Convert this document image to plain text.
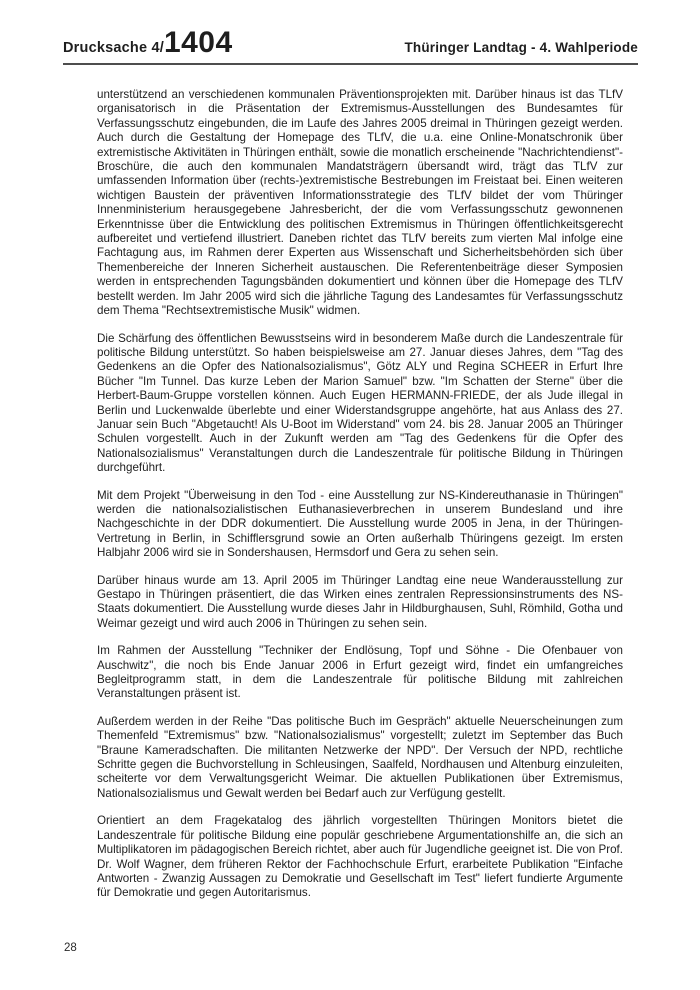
Drucksache 4/1404	Thüringer Landtag - 4. Wahlperiode

unterstützend an verschiedenen kommunalen Präventionsprojekten mit. Darüber hinaus ist das TLfV organisatorisch in die Präsentation der Extremismus-Ausstellungen des Bundesamtes für Verfassungsschutz eingebunden, die im Laufe des Jahres 2005 dreimal in Thüringen gezeigt werden. Auch durch die Gestaltung der Homepage des TLfV, die u.a. eine Online-Monatschronik über extremistische Aktivitäten in Thüringen enthält, sowie die monatlich erscheinende "Nachrichtendienst"-Broschüre, die auch den kommunalen Mandatsträgern übersandt wird, trägt das TLfV zur umfassenden Information über (rechts-)extremistische Bestrebungen im Freistaat bei. Einen weiteren wichtigen Baustein der präventiven Informationsstrategie des TLfV bildet der vom Thüringer Innenministerium herausgegebene Jahresbericht, der die vom Verfassungsschutz gewonnenen Erkenntnisse über die Entwicklung des politischen Extremismus in Thüringen öffentlichkeitsgerecht aufbereitet und vertiefend illustriert. Daneben richtet das TLfV bereits zum vierten Mal infolge eine Fachtagung aus, im Rahmen derer Experten aus Wissenschaft und Sicherheitsbehörden sich über Themenbereiche der Inneren Sicherheit austauschen. Die Referentenbeiträge dieser Symposien werden in entsprechenden Tagungsbänden dokumentiert und können über die Homepage des TLfV bestellt werden. Im Jahr 2005 wird sich die jährliche Tagung des Landesamtes für Verfassungsschutz dem Thema "Rechtsextremistische Musik" widmen.

Die Schärfung des öffentlichen Bewusstseins wird in besonderem Maße durch die Landeszentrale für politische Bildung unterstützt. So haben beispielsweise am 27. Januar dieses Jahres, dem "Tag des Gedenkens an die Opfer des Nationalsozialismus", Götz ALY und Regina SCHEER in Erfurt Ihre Bücher "Im Tunnel. Das kurze Leben der Marion Samuel" bzw. "Im Schatten der Sterne" über die Herbert-Baum-Gruppe vorstellen können. Auch Eugen HERMANN-FRIEDE, der als Jude illegal in Berlin und Luckenwalde überlebte und einer Widerstandsgruppe angehörte, hat aus Anlass des 27. Januar sein Buch "Abgetaucht! Als U-Boot im Widerstand" vom 24. bis 28. Januar 2005 an Thüringer Schulen vorgestellt. Auch in der Zukunft werden am "Tag des Gedenkens für die Opfer des Nationalsozialismus" Veranstaltungen durch die Landeszentrale für politische Bildung in Thüringen durchgeführt.

Mit dem Projekt "Überweisung in den Tod - eine Ausstellung zur NS-Kindereuthanasie in Thüringen" werden die nationalsozialistischen Euthanasieverbrechen in unserem Bundesland und ihre Nachgeschichte in der DDR dokumentiert. Die Ausstellung wurde 2005 in Jena, in der Thüringen-Vertretung in Berlin, in Schifflersgrund sowie an Orten außerhalb Thüringens gezeigt. Im ersten Halbjahr 2006 wird sie in Sondershausen, Hermsdorf und Gera zu sehen sein.

Darüber hinaus wurde am 13. April 2005 im Thüringer Landtag eine neue Wanderausstellung zur Gestapo in Thüringen präsentiert, die das Wirken eines zentralen Repressionsinstruments des NS-Staats dokumentiert. Die Ausstellung wurde dieses Jahr in Hildburghausen, Suhl, Römhild, Gotha und Weimar gezeigt und wird auch 2006 in Thüringen zu sehen sein.

Im Rahmen der Ausstellung "Techniker der Endlösung, Topf und Söhne - Die Ofenbauer von Auschwitz", die noch bis Ende Januar 2006 in Erfurt gezeigt wird, findet ein umfangreiches Begleitprogramm statt, in dem die Landeszentrale für politische Bildung mit zahlreichen Veranstaltungen präsent ist.

Außerdem werden in der Reihe "Das politische Buch im Gespräch" aktuelle Neuerscheinungen zum Themenfeld "Extremismus" bzw. "Nationalsozialismus" vorgestellt; zuletzt im September das Buch "Braune Kameradschaften. Die militanten Netzwerke der NPD". Der Versuch der NPD, rechtliche Schritte gegen die Buchvorstellung in Schleusingen, Saalfeld, Nordhausen und Altenburg einzuleiten, scheiterte vor dem Verwaltungsgericht Weimar. Die aktuellen Publikationen über Extremismus, Nationalsozialismus und Gewalt werden bei Bedarf auch zur Verfügung gestellt.

Orientiert an dem Fragekatalog des jährlich vorgestellten Thüringen Monitors bietet die Landeszentrale für politische Bildung eine populär geschriebene Argumentationshilfe an, die sich an Multiplikatoren im pädagogischen Bereich richtet, aber auch für Jugendliche geeignet ist. Die von Prof. Dr. Wolf Wagner, dem früheren Rektor der Fachhochschule Erfurt, erarbeitete Publikation "Einfache Antworten - Zwanzig Aussagen zu Demokratie und Gesellschaft im Test" liefert fundierte Argumente für Demokratie und gegen Autoritarismus.

28
